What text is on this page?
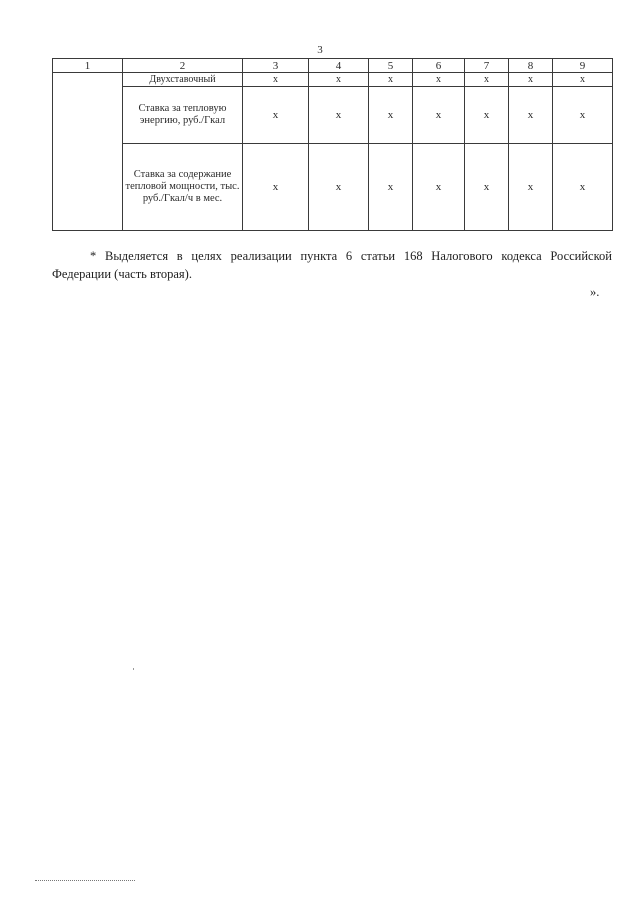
3
1	2	3	4	5	6	7	8	9
	Двухставочный	x	x	x	x	x	x	x
	Ставка за тепловую энергию, руб./Гкал	x	x	x	x	x	x	x
	Ставка за содержание тепловой мощности, тыс. руб./Гкал/ч в мес.	x	x	x	x	x	x	x
* Выделяется в целях реализации пункта 6 статьи 168 Налогового кодекса Российской Федерации (часть вторая).
».
